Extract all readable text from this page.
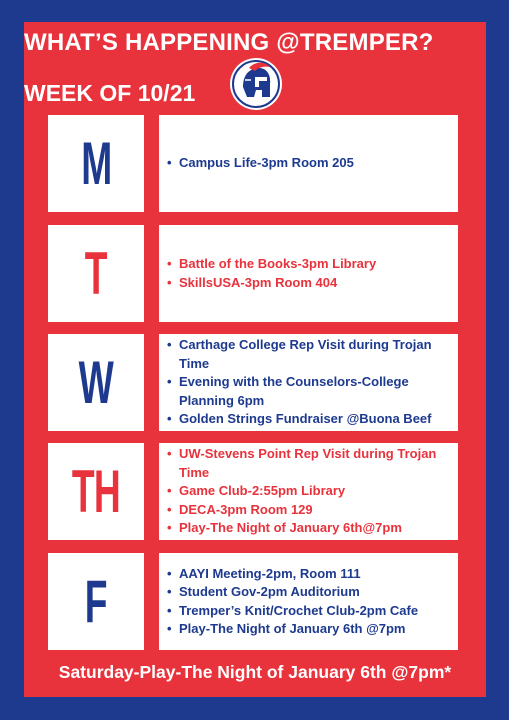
WHAT’S HAPPENING @TREMPER?
WEEK OF 10/21
M	• Campus Life-3pm Room 205
T	• Battle of the Books-3pm Library
• SkillsUSA-3pm Room 404
W
• Carthage College Rep Visit during Trojan Time
• Evening with the Counselors-College Planning 6pm
• Golden Strings Fundraiser @Buona Beef
TH
• UW-Stevens Point Rep Visit during Trojan Time
• Game Club-2:55pm Library
• DECA-3pm Room 129
• Play-The Night of January 6th@7pm
F	• AAYI Meeting-2pm, Room 111
• Student Gov-2pm Auditorium
• Tremper’s Knit/Crochet Club-2pm Cafe
• Play-The Night of January 6th @7pm
Saturday-Play-The Night of January 6th @7pm*
